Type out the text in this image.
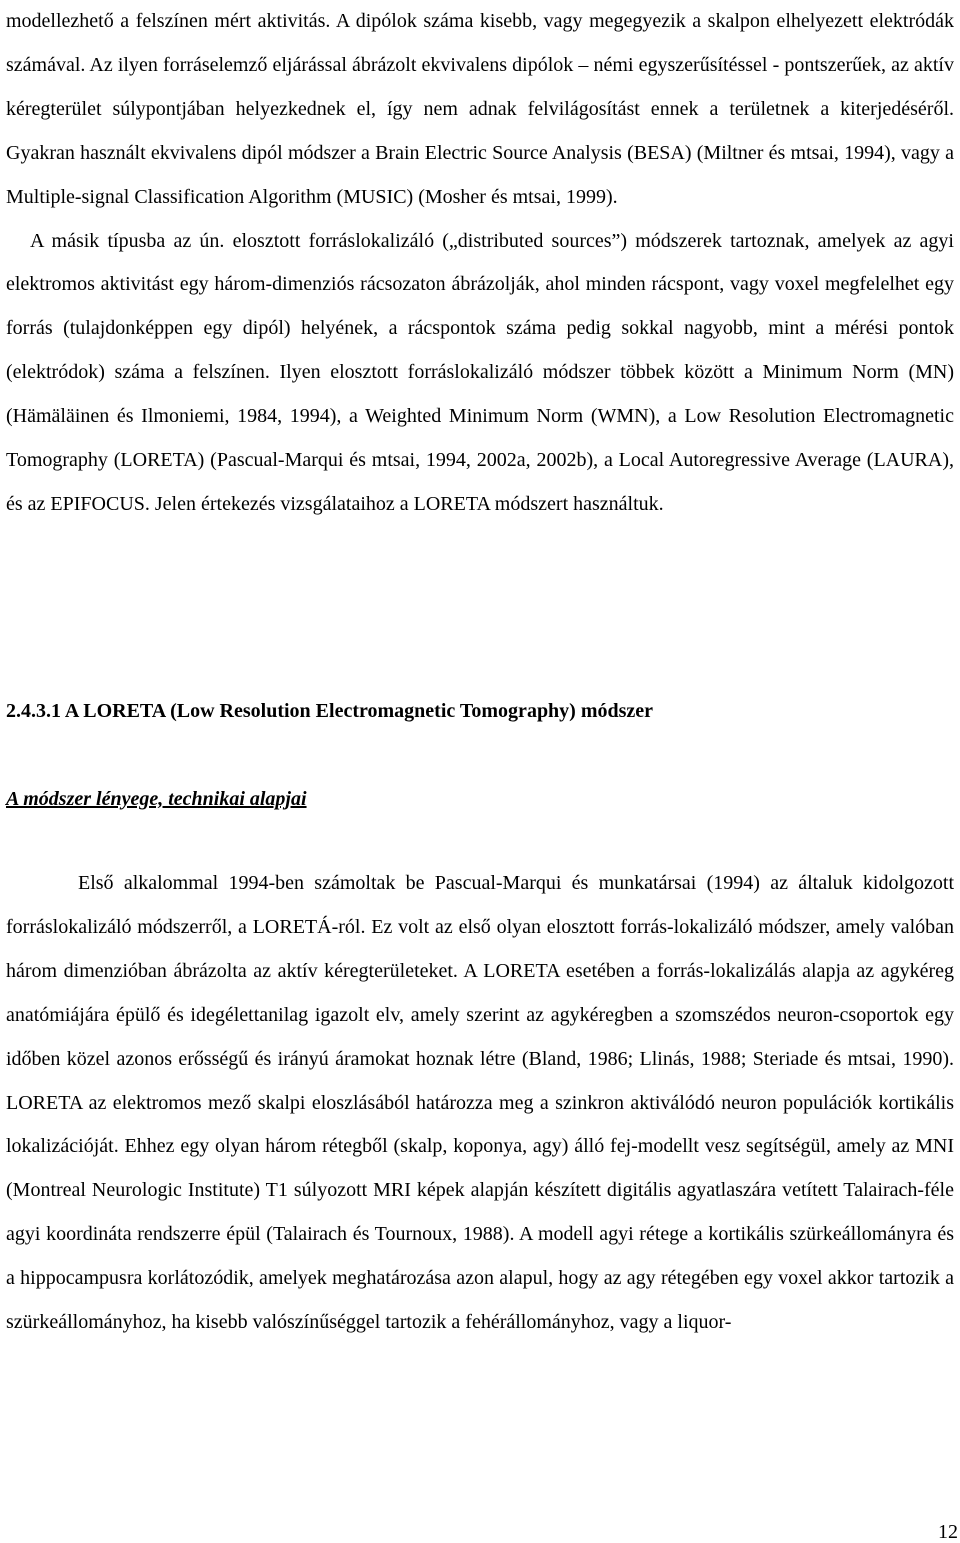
modellezhető a felszínen mért aktivitás. A dipólok száma kisebb, vagy megegyezik a skalpon elhelyezett elektródák számával. Az ilyen forráselemző eljárással ábrázolt ekvivalens dipólok – némi egyszerűsítéssel - pontszerűek, az aktív kéregterület súlypontjában helyezkednek el, így nem adnak felvilágosítást ennek a területnek a kiterjedéséről. Gyakran használt ekvivalens dipól módszer a Brain Electric Source Analysis (BESA) (Miltner és mtsai, 1994), vagy a Multiple-signal Classification Algorithm (MUSIC) (Mosher és mtsai, 1999).

A másik típusba az ún. elosztott forráslokalizáló („distributed sources”) módszerek tartoznak, amelyek az agyi elektromos aktivitást egy három-dimenziós rácsozaton ábrázolják, ahol minden rácspont, vagy voxel megfelelhet egy forrás (tulajdonképpen egy dipól) helyének, a rácspontok száma pedig sokkal nagyobb, mint a mérési pontok (elektródok) száma a felszínen. Ilyen elosztott forráslokalizáló módszer többek között a Minimum Norm (MN) (Hämäläinen és Ilmoniemi, 1984, 1994), a Weighted Minimum Norm (WMN), a Low Resolution Electromagnetic Tomography (LORETA) (Pascual-Marqui és mtsai, 1994, 2002a, 2002b), a Local Autoregressive Average (LAURA), és az EPIFOCUS. Jelen értekezés vizsgálataihoz a LORETA módszert használtuk.

2.4.3.1 A LORETA (Low Resolution Electromagnetic Tomography) módszer

A módszer lényege, technikai alapjai

Első alkalommal 1994-ben számoltak be Pascual-Marqui és munkatársai (1994) az általuk kidolgozott forráslokalizáló módszerről, a LORETÁ-ról. Ez volt az első olyan elosztott forrás-lokalizáló módszer, amely valóban három dimenzióban ábrázolta az aktív kéregterületeket. A LORETA esetében a forrás-lokalizálás alapja az agykéreg anatómiájára épülő és idegélettanilag igazolt elv, amely szerint az agykéregben a szomszédos neuron-csoportok egy időben közel azonos erősségű és irányú áramokat hoznak létre (Bland, 1986; Llinás, 1988; Steriade és mtsai, 1990). LORETA az elektromos mező skalpi eloszlásából határozza meg a szinkron aktiválódó neuron populációk kortikális lokalizációját. Ehhez egy olyan három rétegből (skalp, koponya, agy) álló fej-modellt vesz segítségül, amely az MNI (Montreal Neurologic Institute) T1 súlyozott MRI képek alapján készített digitális agyatlaszára vetített Talairach-féle agyi koordináta rendszerre épül (Talairach és Tournoux, 1988). A modell agyi rétege a kortikális szürkeállományra és a hippocampusra korlátozódik, amelyek meghatározása azon alapul, hogy az agy rétegében egy voxel akkor tartozik a szürkeállományhoz, ha kisebb valószínűséggel tartozik a fehérállományhoz, vagy a liquor-

12
